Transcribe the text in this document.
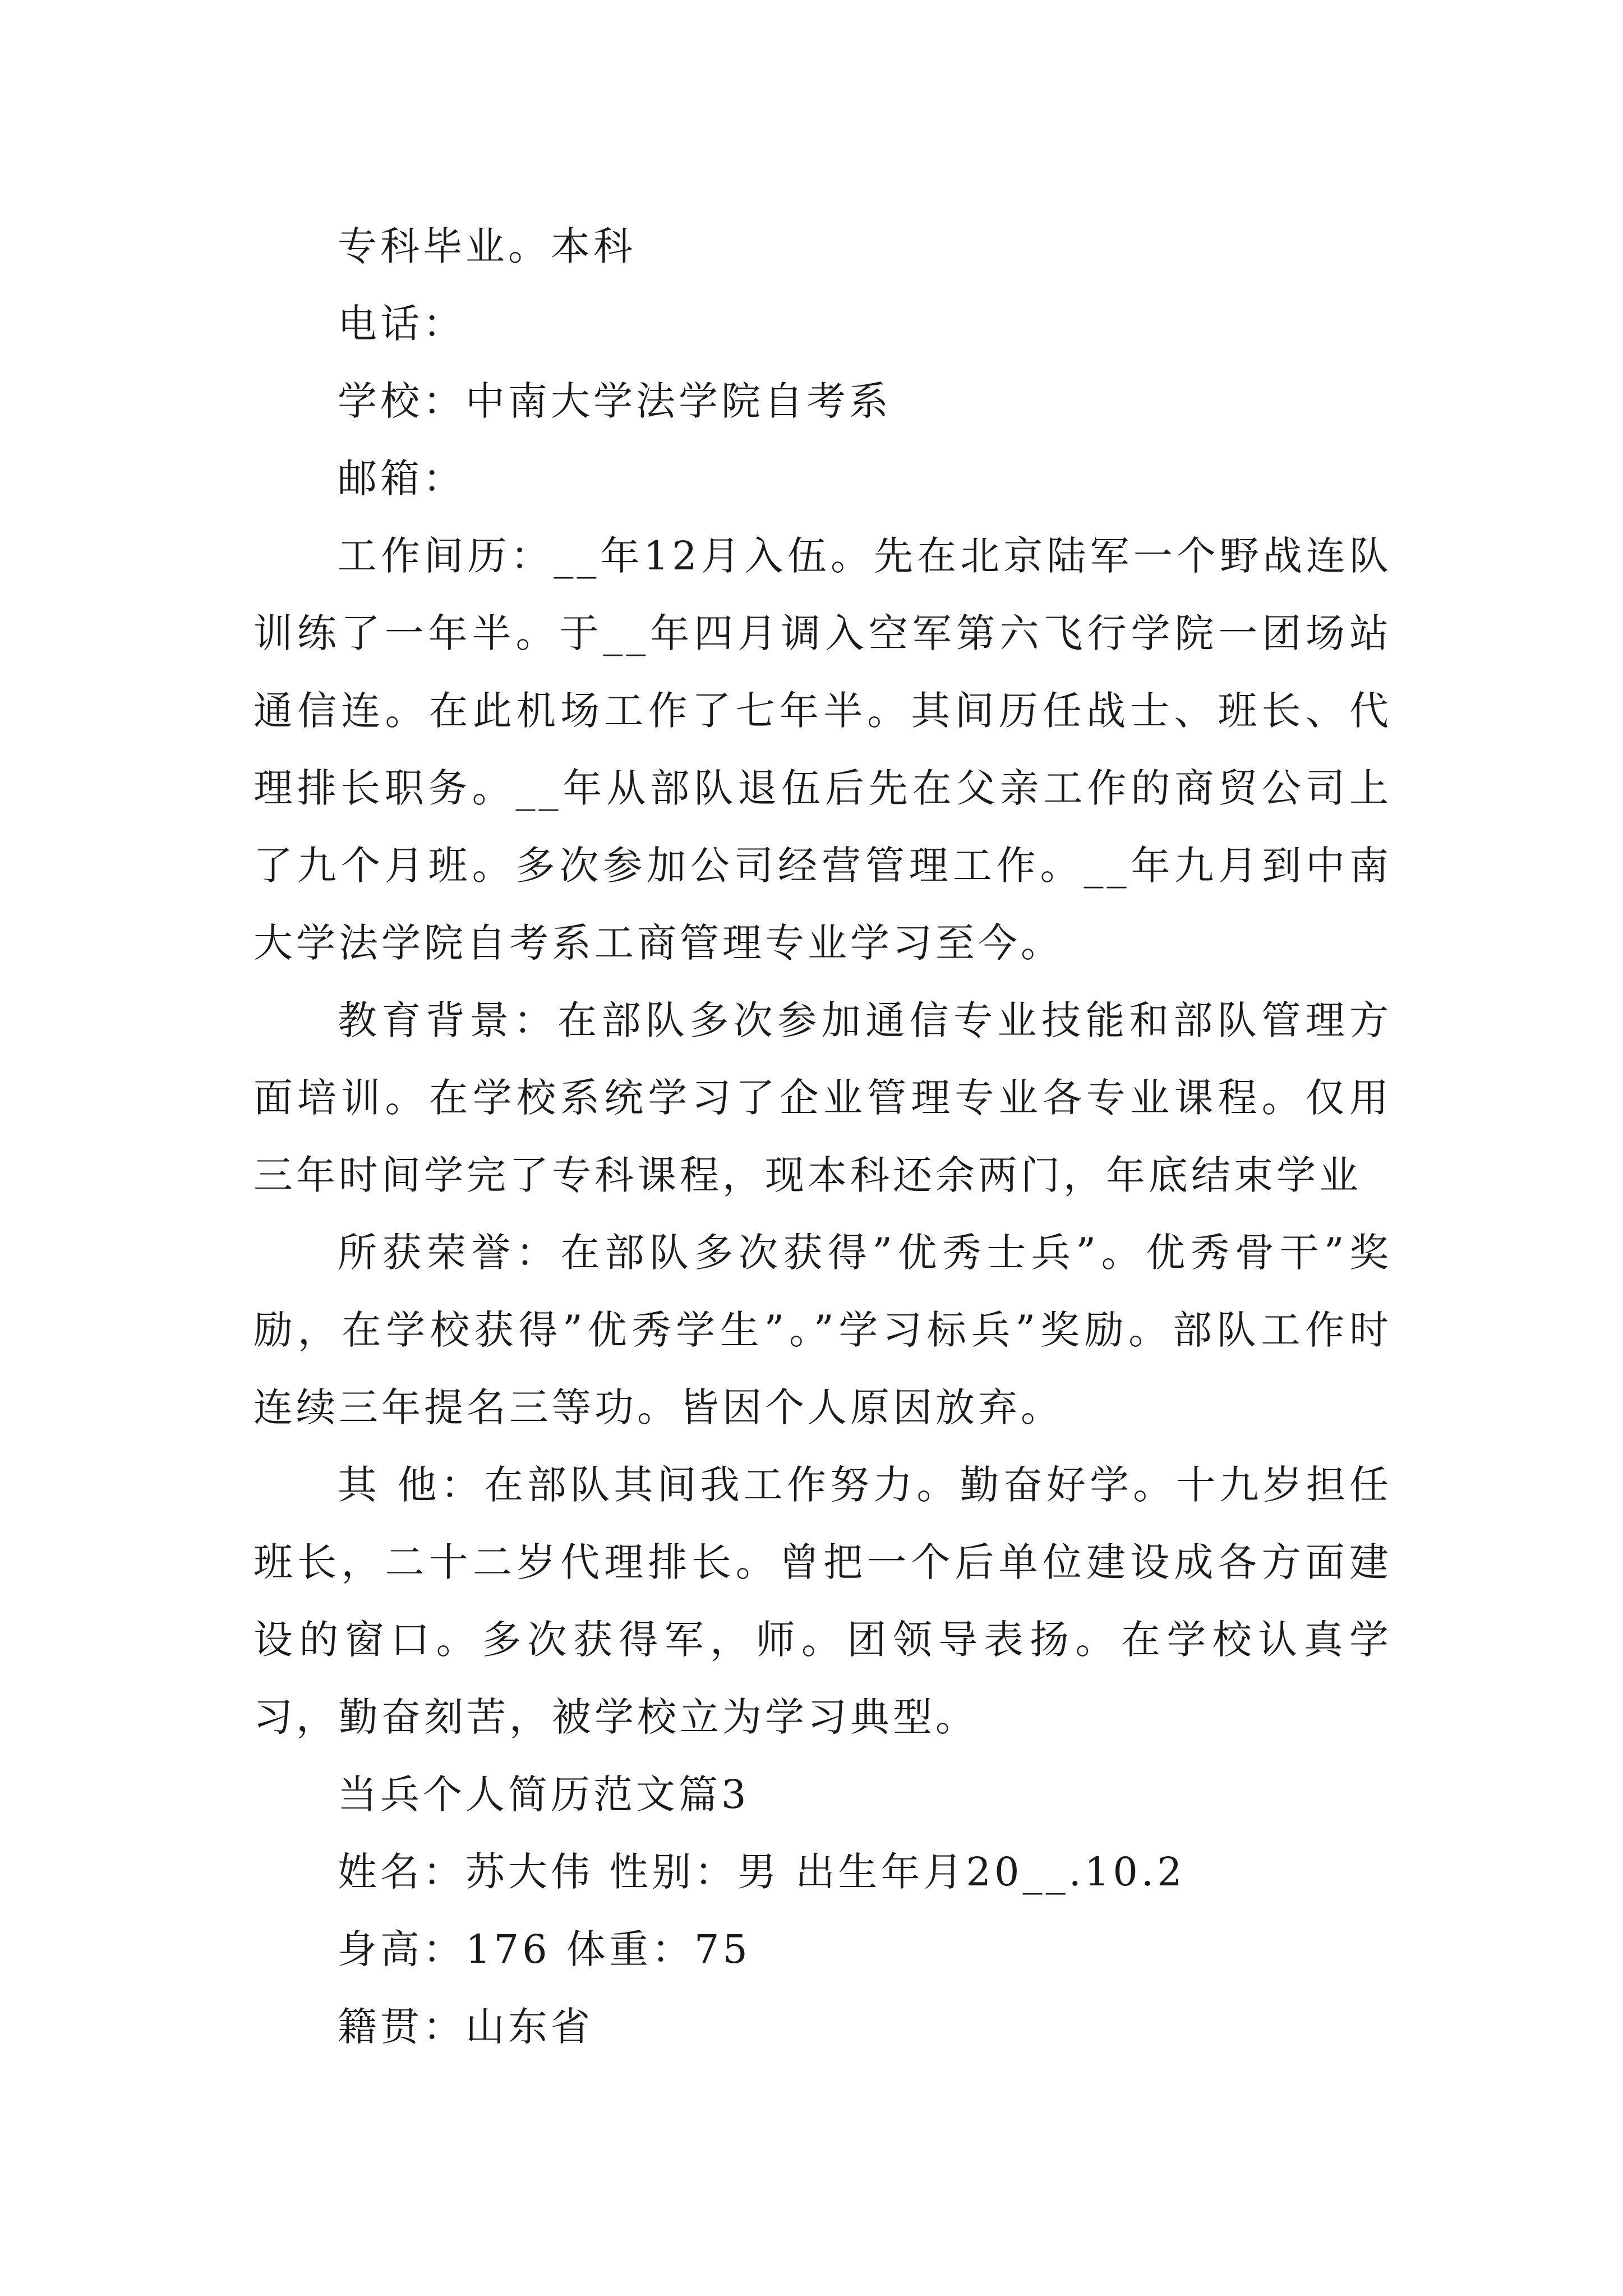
专科毕业。本科
电话：
学校：中南大学法学院自考系
邮箱：

工作间历：__年12月入伍。先在北京陆军一个野战连队训练了一年半。于__年四月调入空军第六飞行学院一团场站通信连。在此机场工作了七年半。其间历任战士、班长、代理排长职务。__年从部队退伍后先在父亲工作的商贸公司上了九个月班。多次参加公司经营管理工作。__年九月到中南大学法学院自考系工商管理专业学习至今。

教育背景：在部队多次参加通信专业技能和部队管理方面培训。在学校系统学习了企业管理专业各专业课程。仅用三年时间学完了专科课程，现本科还余两门，年底结束学业

所获荣誉：在部队多次获得”优秀士兵”。优秀骨干”奖励，在学校获得”优秀学生”。”学习标兵”奖励。部队工作时连续三年提名三等功。皆因个人原因放弃。

其 他：在部队其间我工作努力。勤奋好学。十九岁担任班长，二十二岁代理排长。曾把一个后单位建设成各方面建设的窗口。多次获得军，师。团领导表扬。在学校认真学习，勤奋刻苦，被学校立为学习典型。

当兵个人简历范文篇3
姓名：苏大伟 性别：男 出生年月20__.10.2
身高：176 体重：75
籍贯：山东省
